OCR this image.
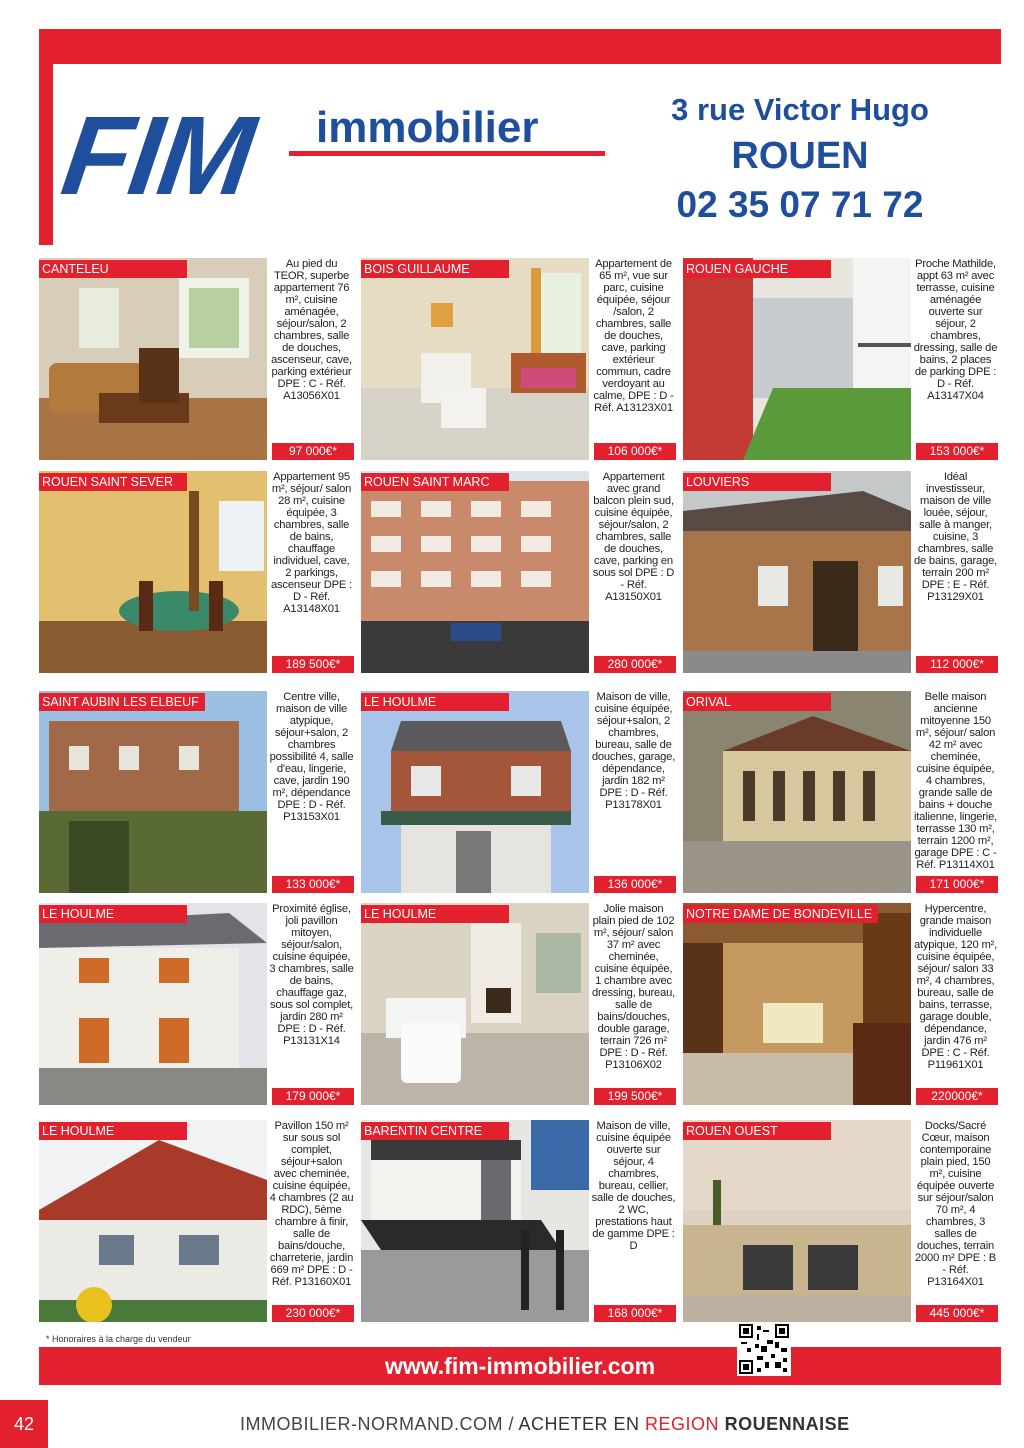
FIM immobilier	3 rue Victor Hugo
ROUEN
02 35 07 71 72
CANTELEU	Au pied du TEOR, superbe appartement 76 m², cuisine aménagée, séjour/salon, 2 chambres, salle de douches, ascenseur, cave, parking extérieur DPE : C - Réf. A13056X01
97 000€*
BOIS GUILLAUME	Appartement de 65 m², vue sur parc, cuisine équipée, séjour /salon, 2 chambres, salle de douches, cave, parking extérieur commun, cadre verdoyant au calme, DPE : D - Réf. A13123X01
106 000€*
ROUEN GAUCHE	Proche Mathilde, appt 63 m² avec terrasse, cuisine aménagée ouverte sur séjour, 2 chambres, dressing, salle de bains, 2 places de parking DPE : D - Réf. A13147X04
153 000€*
ROUEN SAINT SEVER	Appartement 95 m², séjour/ salon 28 m², cuisine équipée, 3 chambres, salle de bains, chauffage individuel, cave, 2 parkings, ascenseur DPE : D - Réf. A13148X01
189 500€*
ROUEN SAINT MARC	Appartement avec grand balcon plein sud, cuisine équipée, séjour/salon, 2 chambres, salle de douches, cave, parking en sous sol DPE : D - Réf. A13150X01
280 000€*
LOUVIERS	Idéal investisseur, maison de ville louée, séjour, salle à manger, cuisine, 3 chambres, salle de bains, garage, terrain 200 m² DPE : E - Réf. P13129X01
112 000€*
SAINT AUBIN LES ELBEUF	Centre ville, maison de ville atypique, séjour+salon, 2 chambres possibilité 4, salle d'eau, lingerie, cave, jardin 190 m², dépendance DPE : D - Réf. P13153X01
133 000€*
LE HOULME	Maison de ville, cuisine équipée, séjour+salon, 2 chambres, bureau, salle de douches, garage, dépendance, jardin 182 m² DPE : D - Réf. P13178X01
136 000€*
ORIVAL	Belle maison ancienne mitoyenne 150 m², séjour/ salon 42 m² avec cheminée, cuisine équipée, 4 chambres, grande salle de bains + douche italienne, lingerie, terrasse 130 m², terrain 1200 m², garage DPE : C - Réf. P13114X01
171 000€*
LE HOULME	Proximité église, joli pavillon mitoyen, séjour/salon, cuisine équipée, 3 chambres, salle de bains, chauffage gaz, sous sol complet, jardin 280 m² DPE : D - Réf. P13131X14
179 000€*
LE HOULME	Jolie maison plain pied de 102 m², séjour/ salon 37 m² avec cheminée, cuisine équipée, 1 chambre avec dressing, bureau, salle de bains/douches, double garage, terrain 726 m² DPE : D - Réf. P13106X02
199 500€*
NOTRE DAME DE BONDEVILLE	Hypercentre, grande maison individuelle atypique, 120 m², cuisine équipée, séjour/ salon 33 m², 4 chambres, bureau, salle de bains, terrasse, garage double, dépendance, jardin 476 m² DPE : C - Réf. P11961X01
220000€*
LE HOULME	Pavillon 150 m² sur sous sol complet, séjour+salon avec cheminée, cuisine équipée, 4 chambres (2 au RDC), 5ème chambre à finir, salle de bains/douche, charreterie, jardin 669 m² DPE : D - Réf. P13160X01
230 000€*
BARENTIN CENTRE	Maison de ville, cuisine équipée ouverte sur séjour, 4 chambres, bureau, cellier, salle de douches, 2 WC, prestations haut de gamme DPE : D
168 000€*
ROUEN OUEST	Docks/Sacré Cœur, maison contemporaine plain pied, 150 m², cuisine équipée ouverte sur séjour/salon 70 m², 4 chambres, 3 salles de douches, terrain 2000 m² DPE : B - Réf. P13164X01
445 000€*
* Honoraires à la charge du vendeur
www.fim-immobilier.com
42	IMMOBILIER-NORMAND.COM / ACHETER EN REGION ROUENNAISE
